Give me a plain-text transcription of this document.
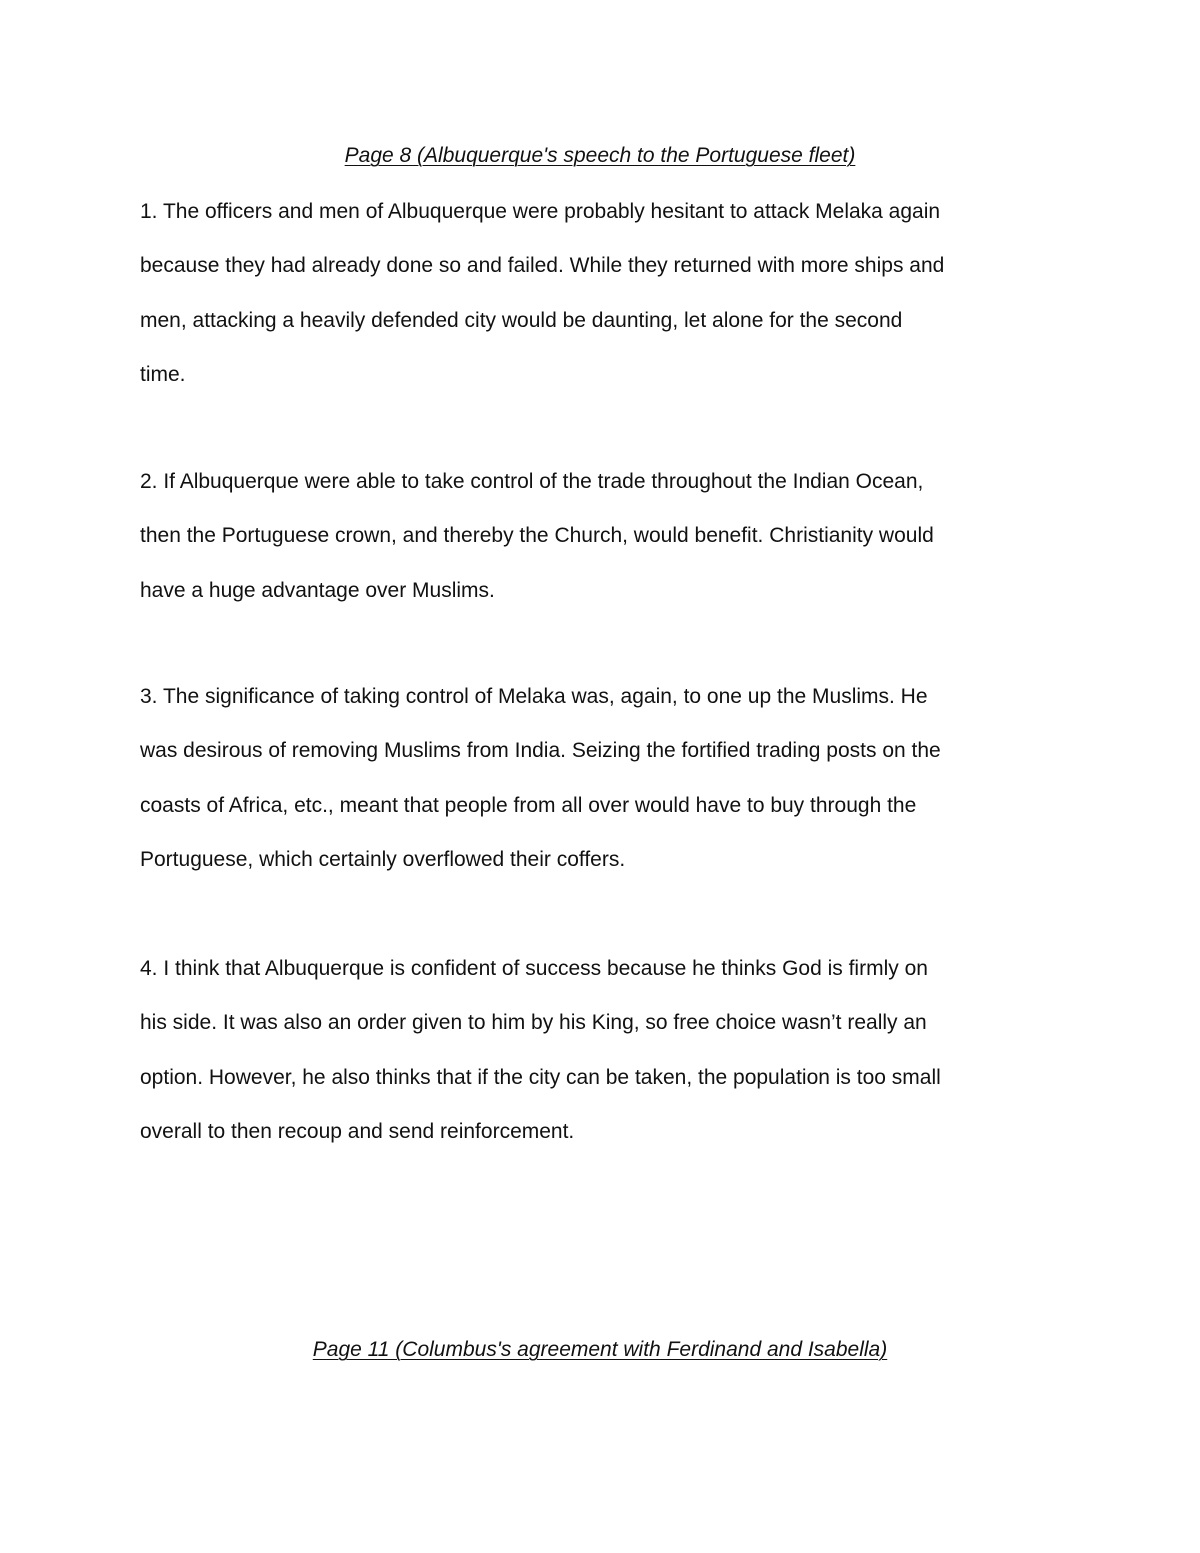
Page 8 (Albuquerque's speech to the Portuguese fleet)

1. The officers and men of Albuquerque were probably hesitant to attack Melaka again
because they had already done so and failed. While they returned with more ships and
men, attacking a heavily defended city would be daunting, let alone for the second
time.

2. If Albuquerque were able to take control of the trade throughout the Indian Ocean,
then the Portuguese crown, and thereby the Church, would benefit. Christianity would
have a huge advantage over Muslims.

3. The significance of taking control of Melaka was, again, to one up the Muslims. He
was desirous of removing Muslims from India. Seizing the fortified trading posts on the
coasts of Africa, etc., meant that people from all over would have to buy through the
Portuguese, which certainly overflowed their coffers.

4. I think that Albuquerque is confident of success because he thinks God is firmly on
his side. It was also an order given to him by his King, so free choice wasn’t really an
option. However, he also thinks that if the city can be taken, the population is too small
overall to then recoup and send reinforcement.

Page 11 (Columbus's agreement with Ferdinand and Isabella)
